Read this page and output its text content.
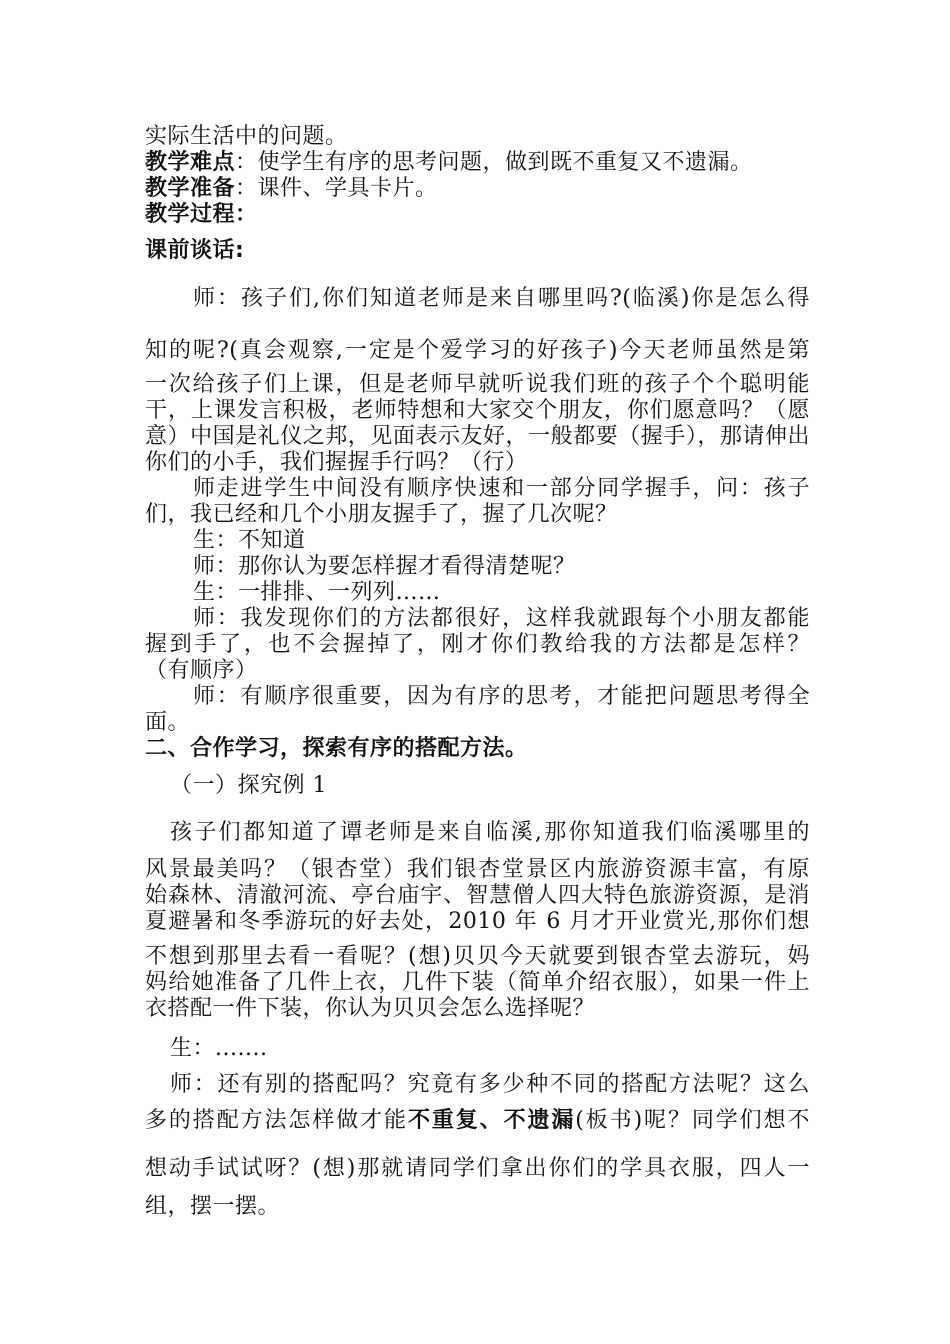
实际生活中的问题。
教学难点：使学生有序的思考问题，做到既不重复又不遗漏。
教学准备：课件、学具卡片。
教学过程：
课前谈话:
师：孩子们,你们知道老师是来自哪里吗?(临溪)你是怎么得
知的呢?(真会观察,一定是个爱学习的好孩子)今天老师虽然是第
一次给孩子们上课，但是老师早就听说我们班的孩子个个聪明能
干，上课发言积极，老师特想和大家交个朋友，你们愿意吗？（愿
意）中国是礼仪之邦，见面表示友好，一般都要（握手），那请伸出
你们的小手，我们握握手行吗？（行）
师走进学生中间没有顺序快速和一部分同学握手，问：孩子
们，我已经和几个小朋友握手了，握了几次呢？
生：不知道
师：那你认为要怎样握才看得清楚呢？
生：一排排、一列列……
师：我发现你们的方法都很好，这样我就跟每个小朋友都能
握到手了，也不会握掉了，刚才你们教给我的方法都是怎样？
（有顺序）
师：有顺序很重要，因为有序的思考，才能把问题思考得全
面。
二、合作学习，探索有序的搭配方法。
（一）探究例 1
孩子们都知道了谭老师是来自临溪,那你知道我们临溪哪里的
风景最美吗？（银杏堂）我们银杏堂景区内旅游资源丰富，有原
始森林、清澈河流、亭台庙宇、智慧僧人四大特色旅游资源，是消
夏避暑和冬季游玩的好去处，2010 年 6 月才开业赏光,那你们想
不想到那里去看一看呢？(想)贝贝今天就要到银杏堂去游玩，妈
妈给她准备了几件上衣，几件下装（简单介绍衣服），如果一件上
衣搭配一件下装，你认为贝贝会怎么选择呢？
生：.......
师：还有别的搭配吗？究竟有多少种不同的搭配方法呢？这么
多的搭配方法怎样做才能不重复、不遗漏(板书)呢？同学们想不
想动手试试呀？(想)那就请同学们拿出你们的学具衣服，四人一
组，摆一摆。
